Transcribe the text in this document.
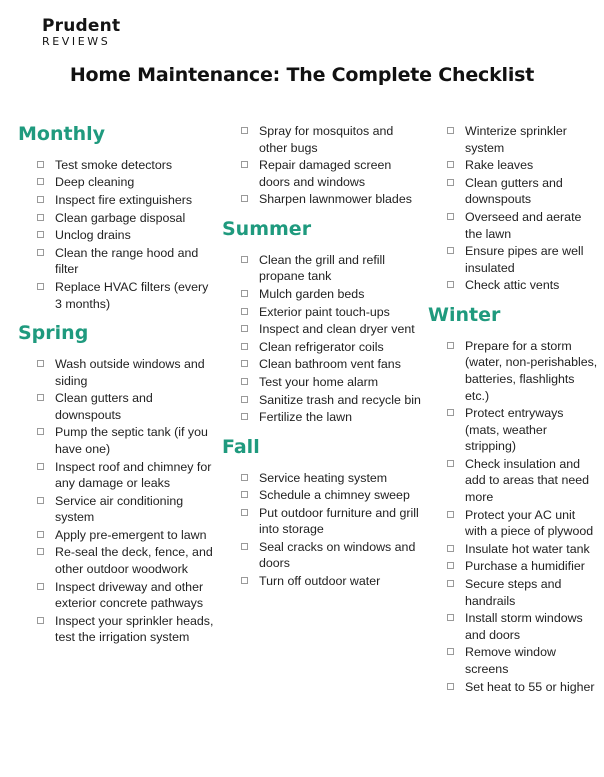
Prudent
REVIEWS
Home Maintenance: The Complete Checklist
Monthly
Test smoke detectors
Deep cleaning
Inspect fire extinguishers
Clean garbage disposal
Unclog drains
Clean the range hood and filter
Replace HVAC filters (every 3 months)
Spring
Wash outside windows and siding
Clean gutters and downspouts
Pump the septic tank (if you have one)
Inspect roof and chimney for any damage or leaks
Service air conditioning system
Apply pre-emergent to lawn
Re-seal the deck, fence, and other outdoor woodwork
Inspect driveway and other exterior concrete pathways
Inspect your sprinkler heads, test the irrigation system
Spray for mosquitos and other bugs
Repair damaged screen doors and windows
Sharpen lawnmower blades
Summer
Clean the grill and refill propane tank
Mulch garden beds
Exterior paint touch-ups
Inspect and clean dryer vent
Clean refrigerator coils
Clean bathroom vent fans
Test your home alarm
Sanitize trash and recycle bin
Fertilize the lawn
Fall
Service heating system
Schedule a chimney sweep
Put outdoor furniture and grill into storage
Seal cracks on windows and doors
Turn off outdoor water
Winterize sprinkler system
Rake leaves
Clean gutters and downspouts
Overseed and aerate the lawn
Ensure pipes are well insulated
Check attic vents
Winter
Prepare for a storm (water, non-perishables, batteries, flashlights etc.)
Protect entryways (mats, weather stripping)
Check insulation and add to areas that need more
Protect your AC unit with a piece of plywood
Insulate hot water tank
Purchase a humidifier
Secure steps and handrails
Install storm windows and doors
Remove window screens
Set heat to 55 or higher
